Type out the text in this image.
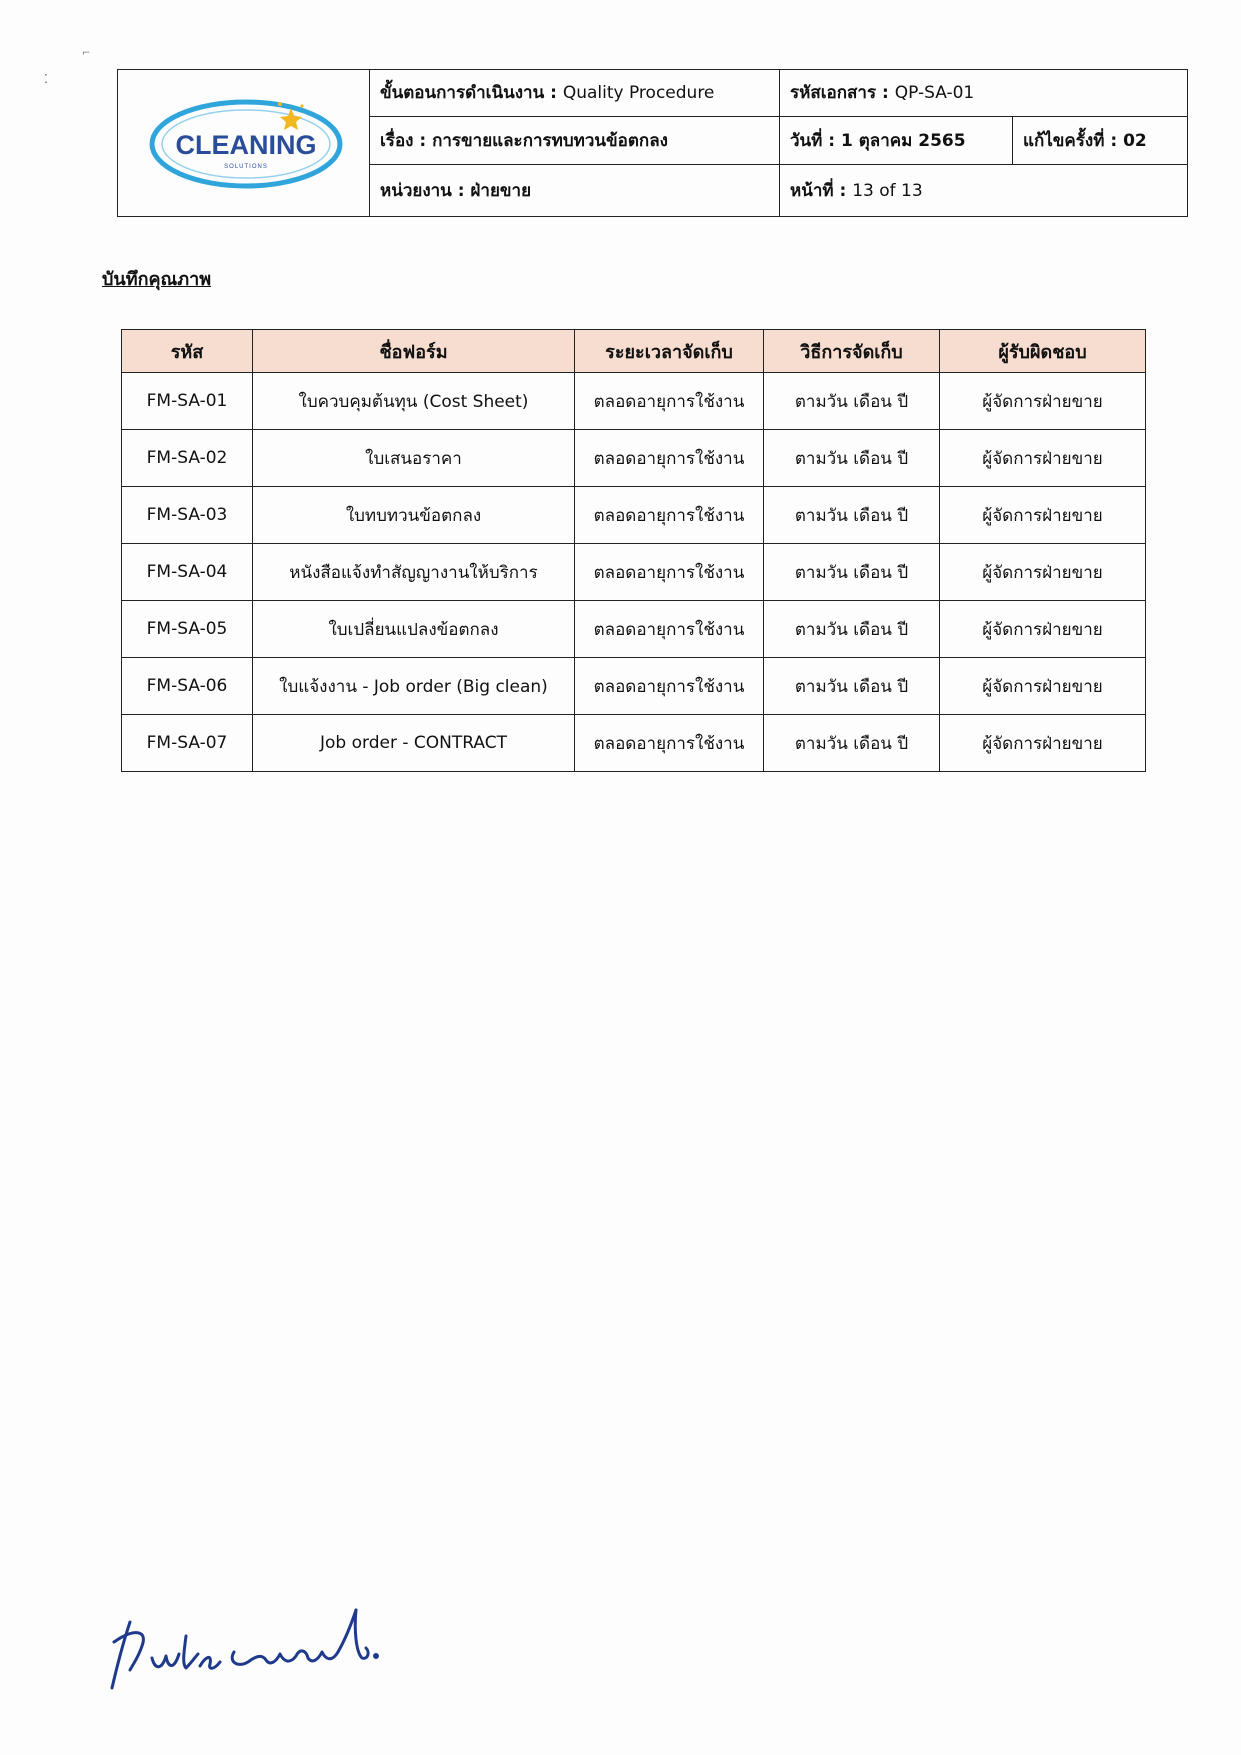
⌐
⁚
CLEANING
SOLUTIONS	ขั้นตอนการดำเนินงาน : Quality Procedure	รหัสเอกสาร : QP-SA-01	
	เรื่อง : การขายและการทบทวนข้อตกลง	วันที่ : 1 ตุลาคม 2565	แก้ไขครั้งที่ : 02
	หน่วยงาน : ฝ่ายขาย	หน้าที่ : 13 of 13	
บันทึกคุณภาพ
รหัส	ชื่อฟอร์ม	ระยะเวลาจัดเก็บ	วิธีการจัดเก็บ	ผู้รับผิดชอบ
FM-SA-01	ใบควบคุมต้นทุน (Cost Sheet)	ตลอดอายุการใช้งาน	ตามวัน เดือน ปี	ผู้จัดการฝ่ายขาย
FM-SA-02	ใบเสนอราคา	ตลอดอายุการใช้งาน	ตามวัน เดือน ปี	ผู้จัดการฝ่ายขาย
FM-SA-03	ใบทบทวนข้อตกลง	ตลอดอายุการใช้งาน	ตามวัน เดือน ปี	ผู้จัดการฝ่ายขาย
FM-SA-04	หนังสือแจ้งทำสัญญางานให้บริการ	ตลอดอายุการใช้งาน	ตามวัน เดือน ปี	ผู้จัดการฝ่ายขาย
FM-SA-05	ใบเปลี่ยนแปลงข้อตกลง	ตลอดอายุการใช้งาน	ตามวัน เดือน ปี	ผู้จัดการฝ่ายขาย
FM-SA-06	ใบแจ้งงาน - Job order (Big clean)	ตลอดอายุการใช้งาน	ตามวัน เดือน ปี	ผู้จัดการฝ่ายขาย
FM-SA-07	Job order - CONTRACT	ตลอดอายุการใช้งาน	ตามวัน เดือน ปี	ผู้จัดการฝ่ายขาย
